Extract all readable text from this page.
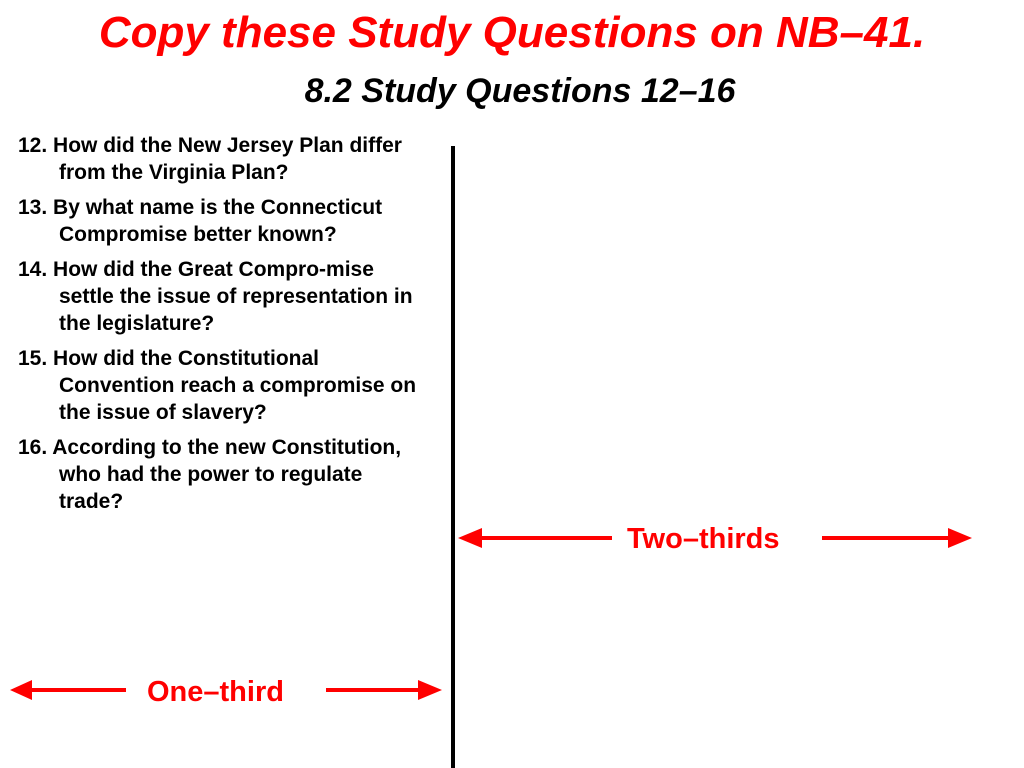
Copy these Study Questions on NB–41.
8.2 Study Questions 12–16
12. How did the New Jersey Plan differ from the Virginia Plan?
13. By what name is the Connecticut Compromise better known?
14. How did the Great Compro-mise settle the issue of representation in the legislature?
15. How did the Constitutional Convention reach a compromise on the issue of slavery?
16. According to the new Constitution, who had the power to regulate trade?
Two–thirds
One–third
